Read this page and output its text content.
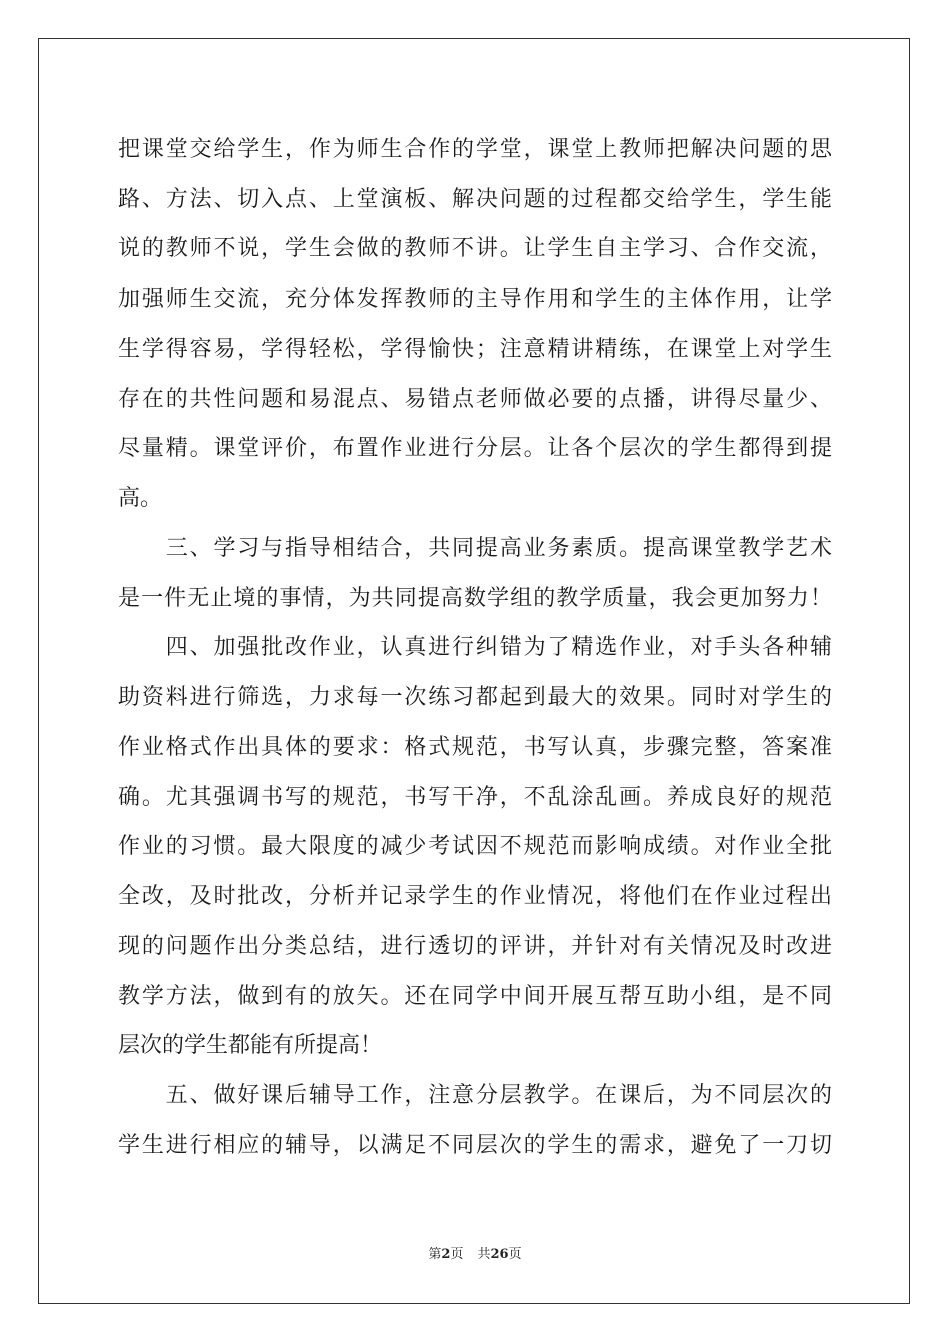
把课堂交给学生，作为师生合作的学堂，课堂上教师把解决问题的思
路、方法、切入点、上堂演板、解决问题的过程都交给学生，学生能
说的教师不说，学生会做的教师不讲。让学生自主学习、合作交流，
加强师生交流，充分体发挥教师的主导作用和学生的主体作用，让学
生学得容易，学得轻松，学得愉快；注意精讲精练，在课堂上对学生
存在的共性问题和易混点、易错点老师做必要的点播，讲得尽量少、
尽量精。课堂评价，布置作业进行分层。让各个层次的学生都得到提
高。
　　三、学习与指导相结合，共同提高业务素质。提高课堂教学艺术
是一件无止境的事情，为共同提高数学组的教学质量，我会更加努力！
　　四、加强批改作业，认真进行纠错为了精选作业，对手头各种辅
助资料进行筛选，力求每一次练习都起到最大的效果。同时对学生的
作业格式作出具体的要求：格式规范，书写认真，步骤完整，答案准
确。尤其强调书写的规范，书写干净，不乱涂乱画。养成良好的规范
作业的习惯。最大限度的减少考试因不规范而影响成绩。对作业全批
全改，及时批改，分析并记录学生的作业情况，将他们在作业过程出
现的问题作出分类总结，进行透切的评讲，并针对有关情况及时改进
教学方法，做到有的放矢。还在同学中间开展互帮互助小组，是不同
层次的学生都能有所提高！
　　五、做好课后辅导工作，注意分层教学。在课后，为不同层次的
学生进行相应的辅导，以满足不同层次的学生的需求，避免了一刀切
第2页 共26页
